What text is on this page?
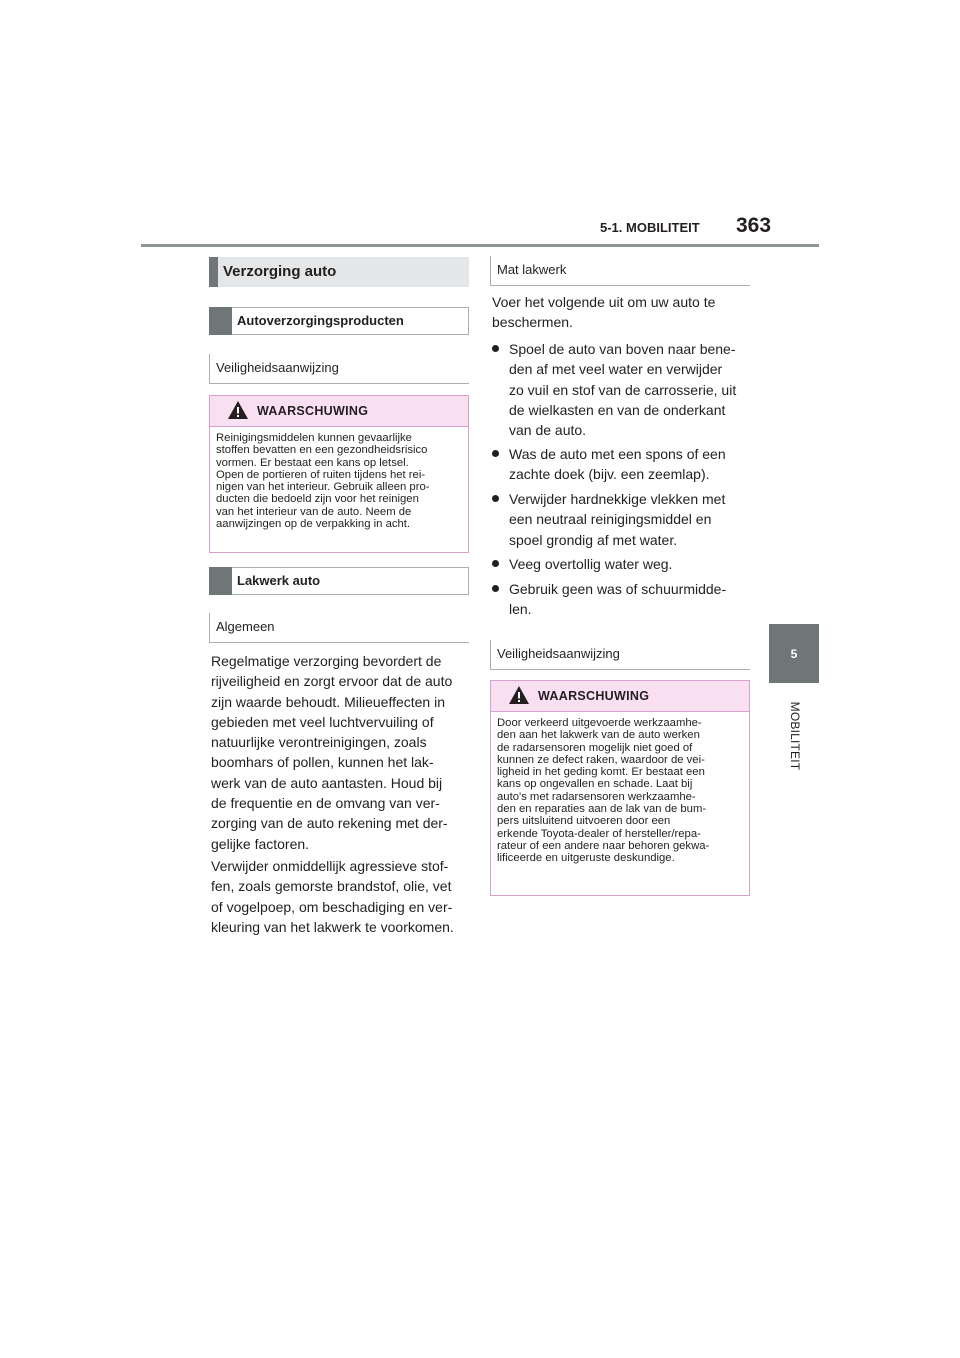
5-1. MOBILITEIT 363
5
MOBILITEIT
Verzorging auto
Autoverzorgingsproducten
Veiligheidsaanwijzing
WAARSCHUWING
Reinigingsmiddelen kunnen gevaarlijke
stoffen bevatten en een gezondheidsrisico
vormen. Er bestaat een kans op letsel.
Open de portieren of ruiten tijdens het rei-
nigen van het interieur. Gebruik alleen pro-
ducten die bedoeld zijn voor het reinigen
van het interieur van de auto. Neem de
aanwijzingen op de verpakking in acht.
Lakwerk auto
Algemeen
Regelmatige verzorging bevordert de
rijveiligheid en zorgt ervoor dat de auto
zijn waarde behoudt. Milieueffecten in
gebieden met veel luchtvervuiling of
natuurlijke verontreinigingen, zoals
boomhars of pollen, kunnen het lak-
werk van de auto aantasten. Houd bij
de frequentie en de omvang van ver-
zorging van de auto rekening met der-
gelijke factoren.
Verwijder onmiddellijk agressieve stof-
fen, zoals gemorste brandstof, olie, vet
of vogelpoep, om beschadiging en ver-
kleuring van het lakwerk te voorkomen.
Mat lakwerk
Voer het volgende uit om uw auto te
beschermen.
Spoel de auto van boven naar bene-
den af met veel water en verwijder
zo vuil en stof van de carrosserie, uit
de wielkasten en van de onderkant
van de auto.
Was de auto met een spons of een
zachte doek (bijv. een zeemlap).
Verwijder hardnekkige vlekken met
een neutraal reinigingsmiddel en
spoel grondig af met water.
Veeg overtollig water weg.
Gebruik geen was of schuurmidde-
len.
Veiligheidsaanwijzing
WAARSCHUWING
Door verkeerd uitgevoerde werkzaamhe-
den aan het lakwerk van de auto werken
de radarsensoren mogelijk niet goed of
kunnen ze defect raken, waardoor de vei-
ligheid in het geding komt. Er bestaat een
kans op ongevallen en schade. Laat bij
auto's met radarsensoren werkzaamhe-
den en reparaties aan de lak van de bum-
pers uitsluitend uitvoeren door een
erkende Toyota-dealer of hersteller/repa-
rateur of een andere naar behoren gekwa-
lificeerde en uitgeruste deskundige.
